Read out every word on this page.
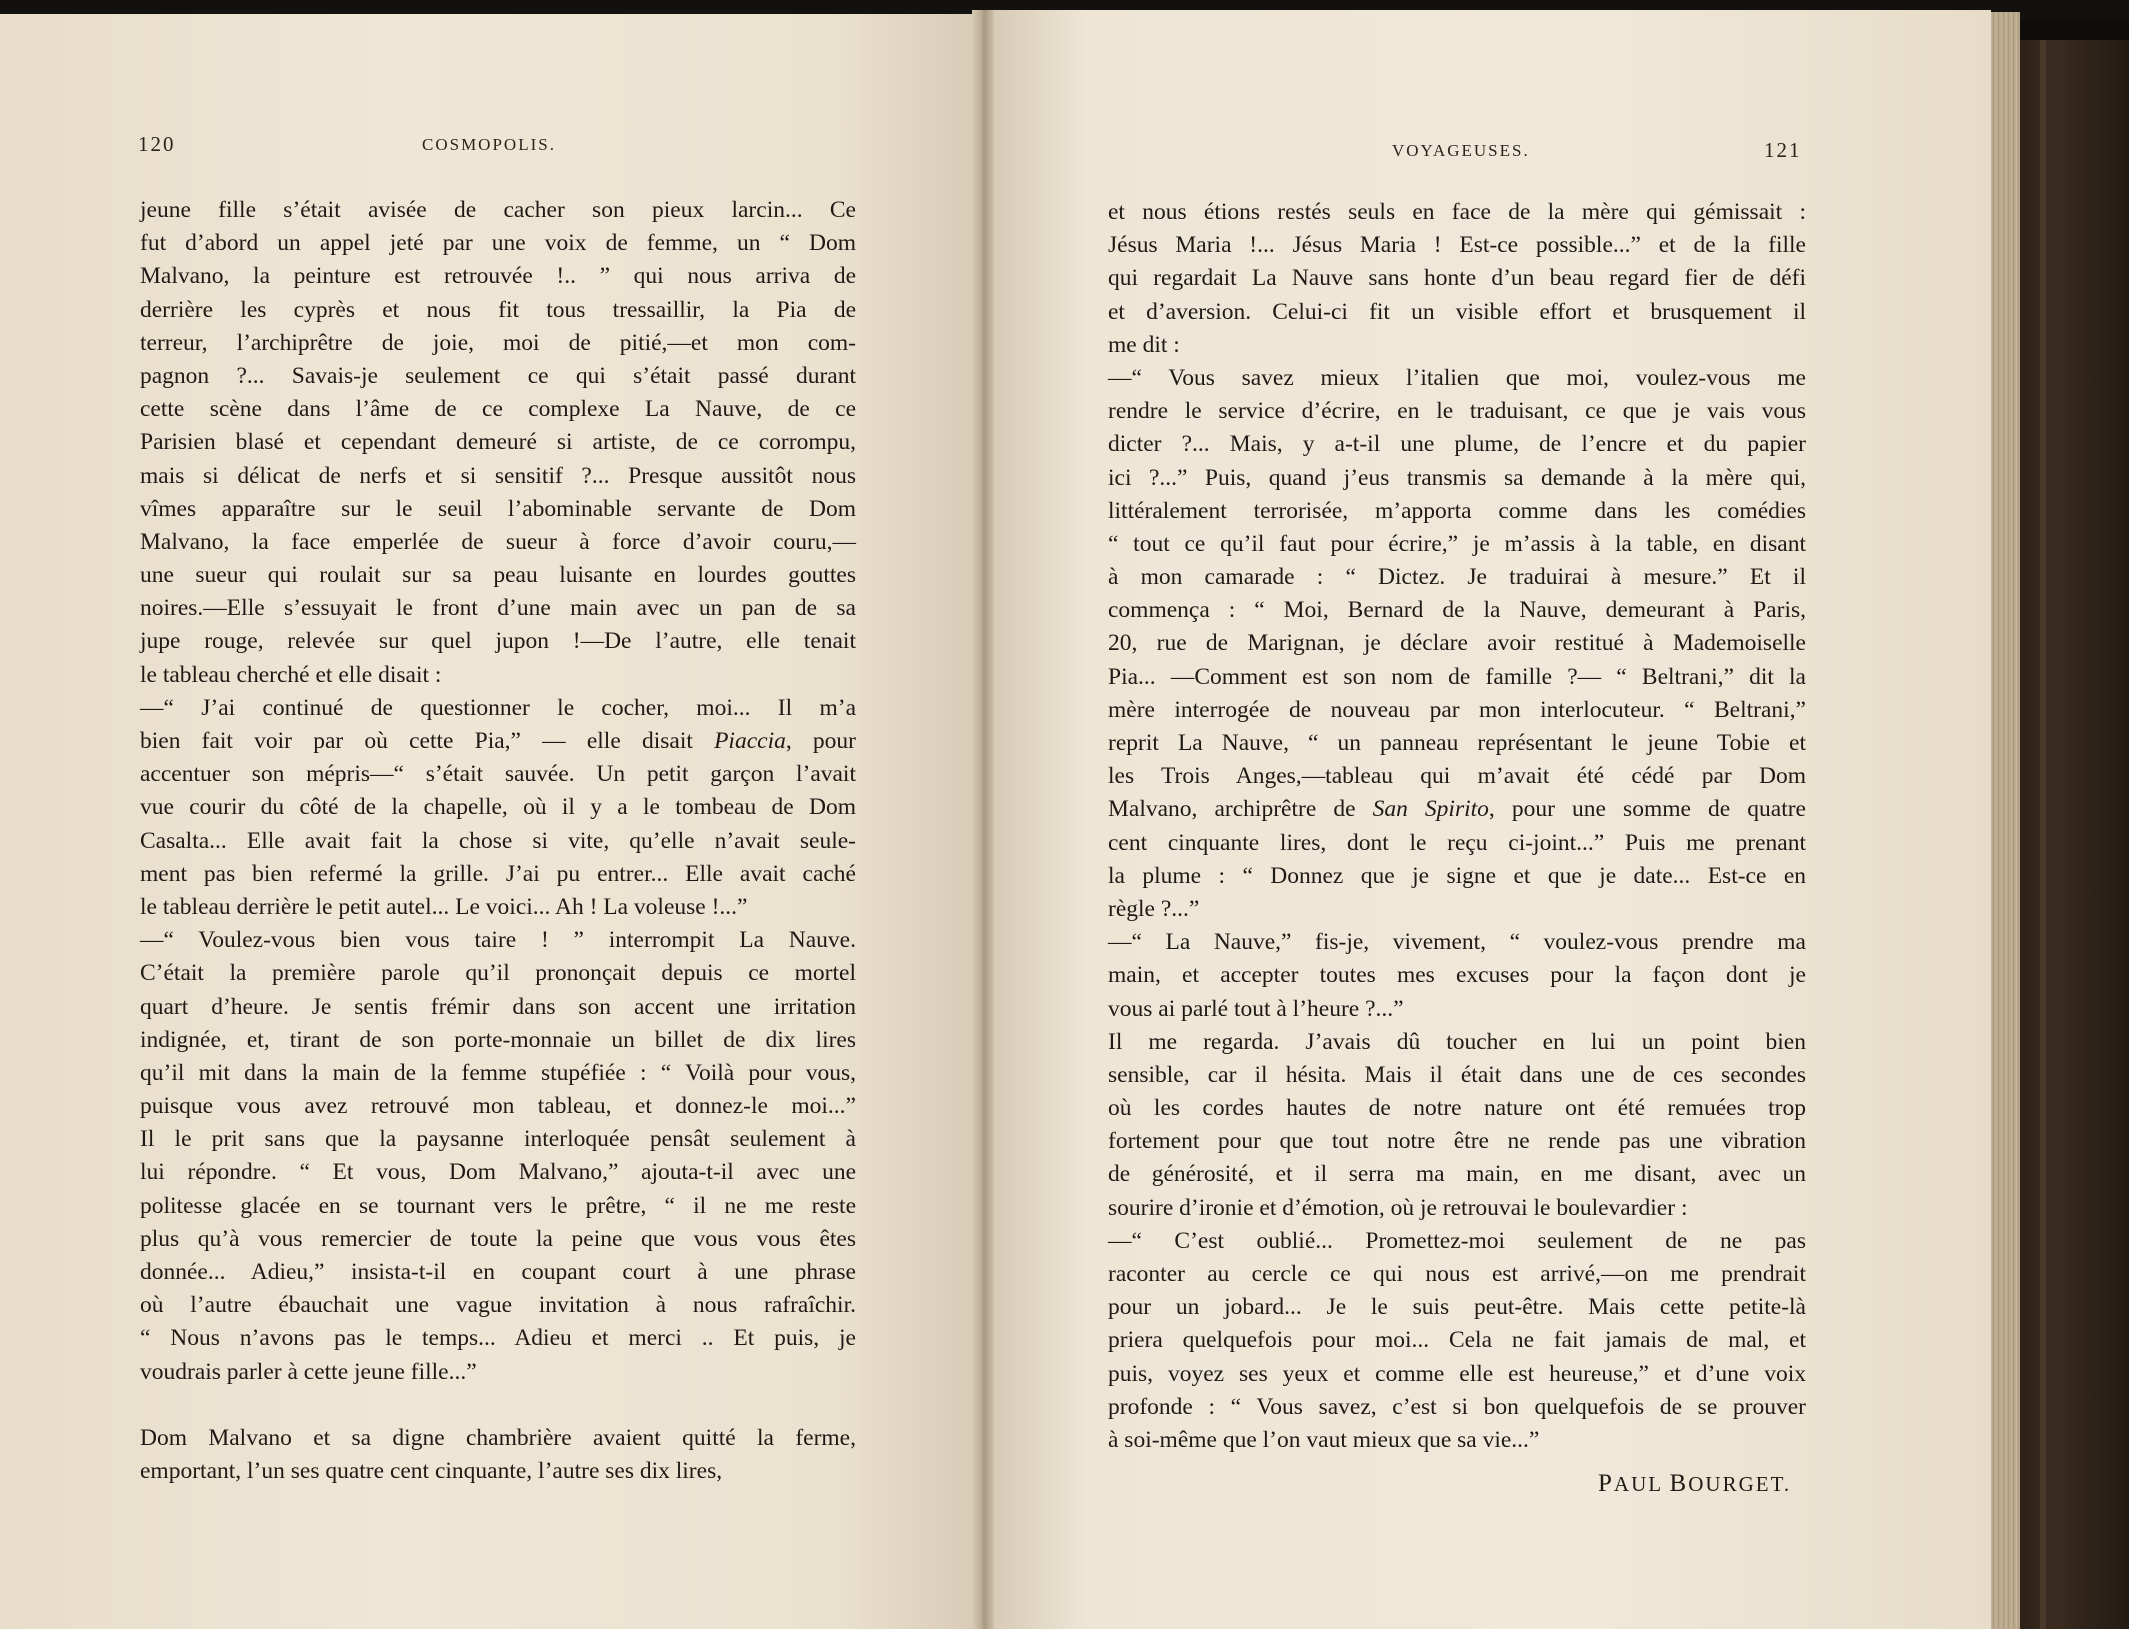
120	COSMOPOLIS.
jeune fille s’était avisée de cacher son pieux larcin... Ce
fut d’abord un appel jeté par une voix de femme, un “ Dom
Malvano, la peinture est retrouvée !.. ” qui nous arriva de
derrière les cyprès et nous fit tous tressaillir, la Pia de
terreur, l’archiprêtre de joie, moi de pitié,—et mon com-
pagnon ?... Savais-je seulement ce qui s’était passé durant
cette scène dans l’âme de ce complexe La Nauve, de ce
Parisien blasé et cependant demeuré si artiste, de ce corrompu,
mais si délicat de nerfs et si sensitif ?... Presque aussitôt nous
vîmes apparaître sur le seuil l’abominable servante de Dom
Malvano, la face emperlée de sueur à force d’avoir couru,—
une sueur qui roulait sur sa peau luisante en lourdes gouttes
noires.—Elle s’essuyait le front d’une main avec un pan de sa
jupe rouge, relevée sur quel jupon !—De l’autre, elle tenait
le tableau cherché et elle disait :
—“ J’ai continué de questionner le cocher, moi... Il m’a
bien fait voir par où cette Pia,” — elle disait Piaccia, pour
accentuer son mépris—“ s’était sauvée. Un petit garçon l’avait
vue courir du côté de la chapelle, où il y a le tombeau de Dom
Casalta... Elle avait fait la chose si vite, qu’elle n’avait seule-
ment pas bien refermé la grille. J’ai pu entrer... Elle avait caché
le tableau derrière le petit autel... Le voici... Ah ! La voleuse !...”
—“ Voulez-vous bien vous taire ! ” interrompit La Nauve.
C’était la première parole qu’il prononçait depuis ce mortel
quart d’heure. Je sentis frémir dans son accent une irritation
indignée, et, tirant de son porte-monnaie un billet de dix lires
qu’il mit dans la main de la femme stupéfiée : “ Voilà pour vous,
puisque vous avez retrouvé mon tableau, et donnez-le moi...”
Il le prit sans que la paysanne interloquée pensât seulement à
lui répondre. “ Et vous, Dom Malvano,” ajouta-t-il avec une
politesse glacée en se tournant vers le prêtre, “ il ne me reste
plus qu’à vous remercier de toute la peine que vous vous êtes
donnée... Adieu,” insista-t-il en coupant court à une phrase
où l’autre ébauchait une vague invitation à nous rafraîchir.
“ Nous n’avons pas le temps... Adieu et merci .. Et puis, je
voudrais parler à cette jeune fille...”
Dom Malvano et sa digne chambrière avaient quitté la ferme,
emportant, l’un ses quatre cent cinquante, l’autre ses dix lires,
VOYAGEUSES.	121
et nous étions restés seuls en face de la mère qui gémissait :
Jésus Maria !... Jésus Maria ! Est-ce possible...” et de la fille
qui regardait La Nauve sans honte d’un beau regard fier de défi
et d’aversion. Celui-ci fit un visible effort et brusquement il
me dit :
—“ Vous savez mieux l’italien que moi, voulez-vous me
rendre le service d’écrire, en le traduisant, ce que je vais vous
dicter ?... Mais, y a-t-il une plume, de l’encre et du papier
ici ?...” Puis, quand j’eus transmis sa demande à la mère qui,
littéralement terrorisée, m’apporta comme dans les comédies
“ tout ce qu’il faut pour écrire,” je m’assis à la table, en disant
à mon camarade : “ Dictez. Je traduirai à mesure.” Et il
commença : “ Moi, Bernard de la Nauve, demeurant à Paris,
20, rue de Marignan, je déclare avoir restitué à Mademoiselle
Pia... —Comment est son nom de famille ?— “ Beltrani,” dit la
mère interrogée de nouveau par mon interlocuteur. “ Beltrani,”
reprit La Nauve, “ un panneau représentant le jeune Tobie et
les Trois Anges,—tableau qui m’avait été cédé par Dom
Malvano, archiprêtre de San Spirito, pour une somme de quatre
cent cinquante lires, dont le reçu ci-joint...” Puis me prenant
la plume : “ Donnez que je signe et que je date... Est-ce en
règle ?...”
—“ La Nauve,” fis-je, vivement, “ voulez-vous prendre ma
main, et accepter toutes mes excuses pour la façon dont je
vous ai parlé tout à l’heure ?...”
Il me regarda. J’avais dû toucher en lui un point bien
sensible, car il hésita. Mais il était dans une de ces secondes
où les cordes hautes de notre nature ont été remuées trop
fortement pour que tout notre être ne rende pas une vibration
de générosité, et il serra ma main, en me disant, avec un
sourire d’ironie et d’émotion, où je retrouvai le boulevardier :
—“ C’est oublié... Promettez-moi seulement de ne pas
raconter au cercle ce qui nous est arrivé,—on me prendrait
pour un jobard... Je le suis peut-être. Mais cette petite-là
priera quelquefois pour moi... Cela ne fait jamais de mal, et
puis, voyez ses yeux et comme elle est heureuse,” et d’une voix
profonde : “ Vous savez, c’est si bon quelquefois de se prouver
à soi-même que l’on vaut mieux que sa vie...”
PAUL BOURGET.
